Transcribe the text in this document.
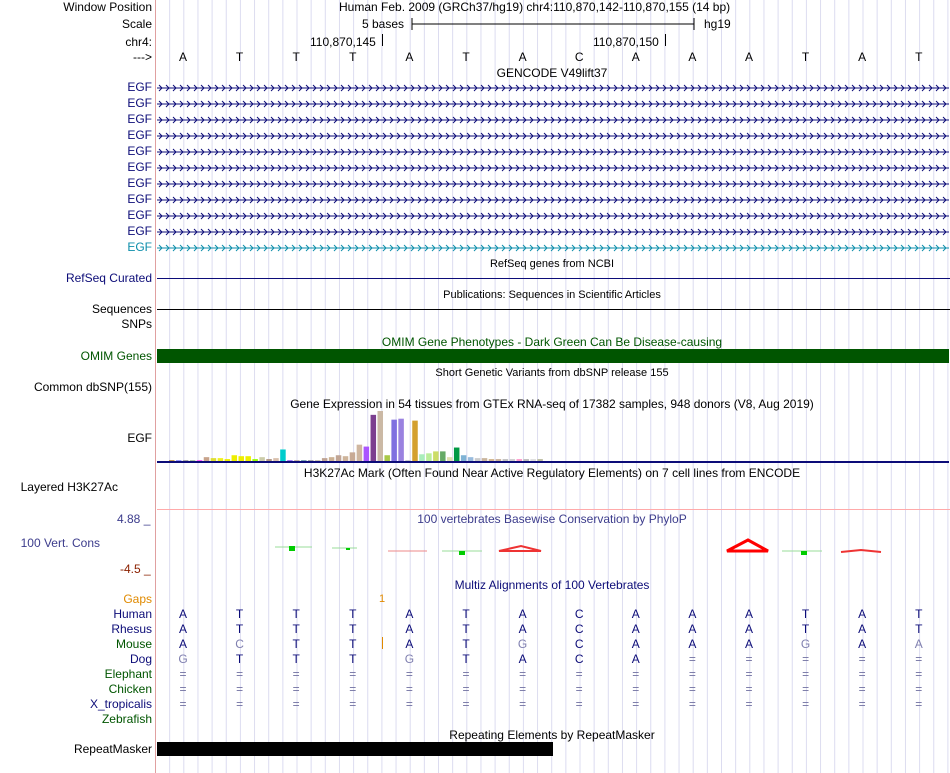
Window Position	Human Feb. 2009 (GRCh37/hg19) chr4:110,870,142-110,870,155 (14 bp)
Scale	5 bases	hg19
chr4:	110,870,145	110,870,150
---> A	T	T	T	A	T	A	C	A	A	A	T	A	T
GENCODE V49lift37
EGF
EGF
EGF
EGF
EGF
EGF
EGF
EGF
EGF
EGF
EGF
RefSeq genes from NCBI
RefSeq Curated
Publications: Sequences in Scientific Articles
Sequences
SNPs
OMIM Gene Phenotypes - Dark Green Can Be Disease-causing
OMIM Genes
Short Genetic Variants from dbSNP release 155
Common dbSNP(155)
Gene Expression in 54 tissues from GTEx RNA-seq of 17382 samples, 948 donors (V8, Aug 2019)
EGF
H3K27Ac Mark (Often Found Near Active Regulatory Elements) on 7 cell lines from ENCODE
Layered H3K27Ac
100 vertebrates Basewise Conservation by PhyloP
4.88 _
100 Vert. Cons
-4.5 _
Multiz Alignments of 100 Vertebrates
Gaps	1
Human A	T	T	T	A	T	A	C	A	A	A	T	A	T
Rhesus A	T	T	T	A	T	A	C	A	A	A	T	A	T
Mouse A	C	T	T	A	T	G	C	A	A	A	G	A	A
Dog G	T	T	T	G	T	A	C	A	=	=	=	=	=
Elephant =	=	=	=	=	=	=	=	=	=	=	=	=	=
Chicken =	=	=	=	=	=	=	=	=	=	=	=	=	=
X_tropicalis =	=	=	=	=	=	=	=	=	=	=	=	=	=
Zebrafish
Repeating Elements by RepeatMasker
RepeatMasker
